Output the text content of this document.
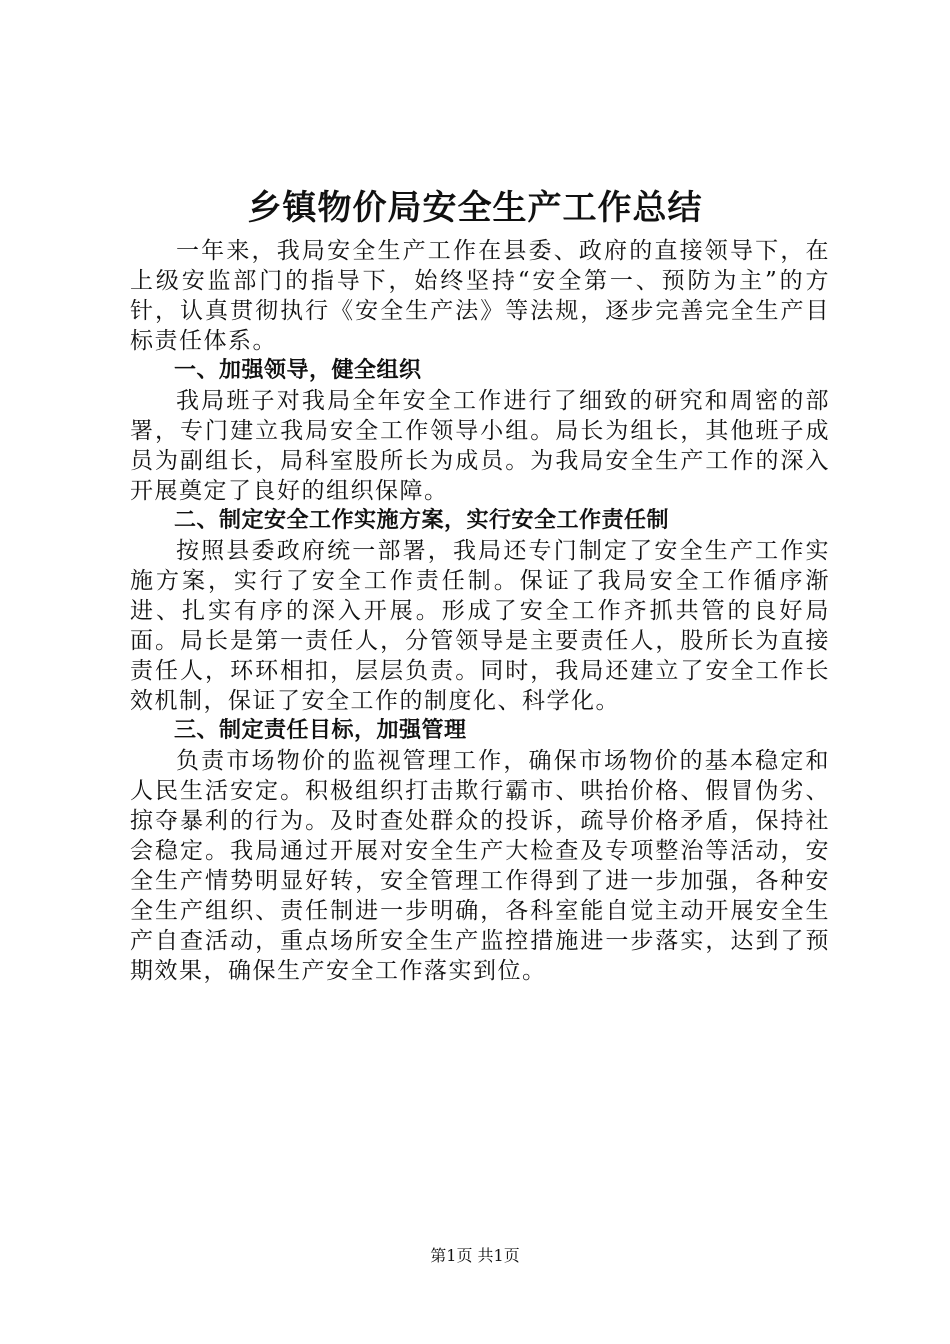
乡镇物价局安全生产工作总结

一年来，我局安全生产工作在县委、政府的直接领导下，在上级安监部门的指导下，始终坚持“安全第一、预防为主”的方针，认真贯彻执行《安全生产法》等法规，逐步完善完全生产目标责任体系。

一、加强领导，健全组织

我局班子对我局全年安全工作进行了细致的研究和周密的部署，专门建立我局安全工作领导小组。局长为组长，其他班子成员为副组长，局科室股所长为成员。为我局安全生产工作的深入开展奠定了良好的组织保障。

二、制定安全工作实施方案，实行安全工作责任制

按照县委政府统一部署，我局还专门制定了安全生产工作实施方案，实行了安全工作责任制。保证了我局安全工作循序渐进、扎实有序的深入开展。形成了安全工作齐抓共管的良好局面。局长是第一责任人，分管领导是主要责任人，股所长为直接责任人，环环相扣，层层负责。同时，我局还建立了安全工作长效机制，保证了安全工作的制度化、科学化。

三、制定责任目标，加强管理

负责市场物价的监视管理工作，确保市场物价的基本稳定和人民生活安定。积极组织打击欺行霸市、哄抬价格、假冒伪劣、掠夺暴利的行为。及时查处群众的投诉，疏导价格矛盾，保持社会稳定。我局通过开展对安全生产大检查及专项整治等活动，安全生产情势明显好转，安全管理工作得到了进一步加强，各种安全生产组织、责任制进一步明确，各科室能自觉主动开展安全生产自查活动，重点场所安全生产监控措施进一步落实，达到了预期效果，确保生产安全工作落实到位。

第1页 共1页
